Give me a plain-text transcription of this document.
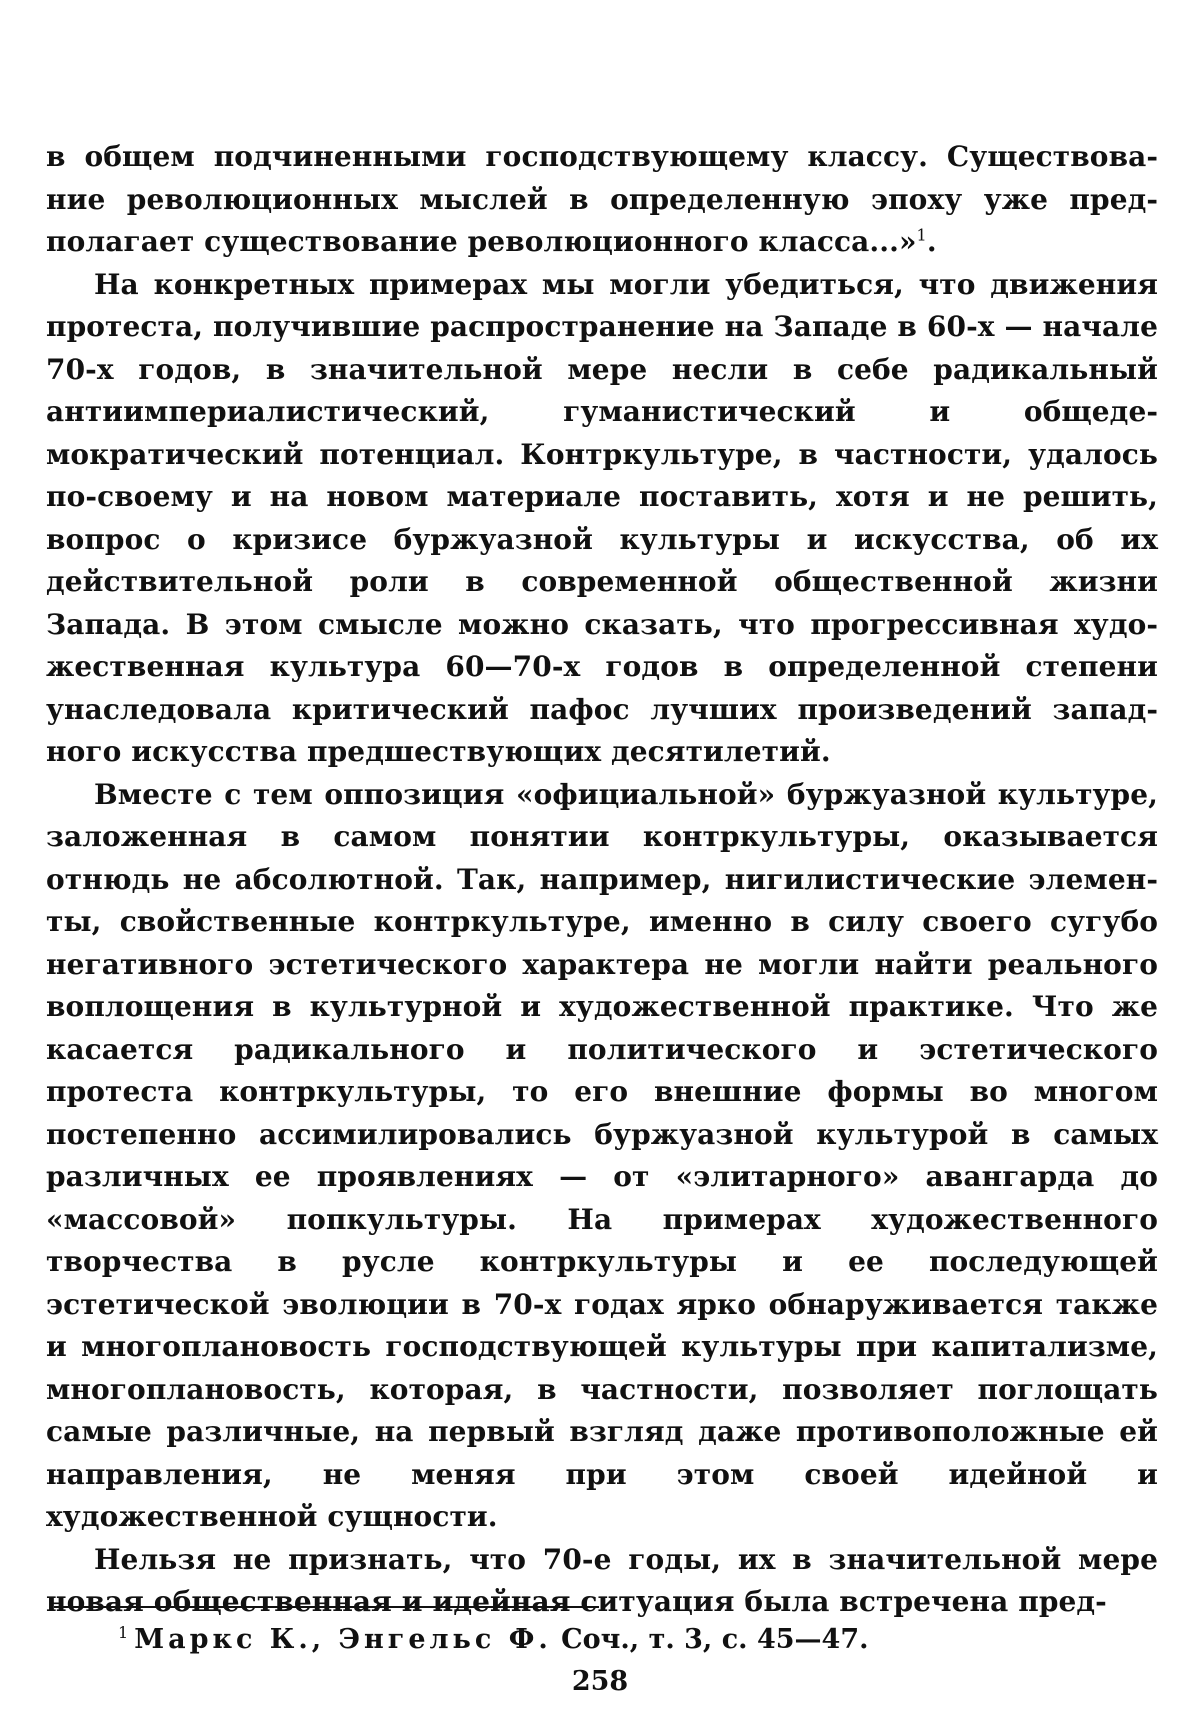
в общем подчиненными господствующему классу. Существование революционных мыслей в определенную эпоху уже предполагает существование революционного класса...»$^1$.

На конкретных примерах мы могли убедиться, что движения протеста, получившие распространение на Западе в 60-х — начале 70-х годов, в значительной мере несли в себе радикальный антиимпериалистический, гуманистический и общедемократический потенциал. Контркультуре, в частности, удалось по-своему и на новом материале поставить, хотя и не решить, вопрос о кризисе буржуазной культуры и искусства, об их действительной роли в современной общественной жизни Запада. В этом смысле можно сказать, что прогрессивная художественная культура 60—70-х годов в определенной степени унаследовала критический пафос лучших произведений западного искусства предшествующих десятилетий.

Вместе с тем оппозиция «официальной» буржуазной культуре, заложенная в самом понятии контркультуры, оказывается отнюдь не абсолютной. Так, например, нигилистические элементы, свойственные контркультуре, именно в силу своего сугубо негативного эстетического характера не могли найти реального воплощения в культурной и художественной практике. Что же касается радикального и политического и эстетического протеста контркультуры, то его внешние формы во многом постепенно ассимилировались буржуазной культурой в самых различных ее проявлениях — от «элитарного» авангарда до «массовой» попкультуры. На примерах художественного творчества в русле контркультуры и ее последующей эстетической эволюции в 70-х годах ярко обнаруживается также и многоплановость господствующей культуры при капитализме, многоплановость, которая, в частности, позволяет поглощать самые различные, на первый взгляд даже противоположные ей направления, не меняя при этом своей идейной и художественной сущности.

Нельзя не признать, что 70-е годы, их в значительной мере новая общественная и идейная ситуация была встречена пред-

$^1$ Маркс К., Энгельс Ф. Соч., т. 3, с. 45—47.
258
